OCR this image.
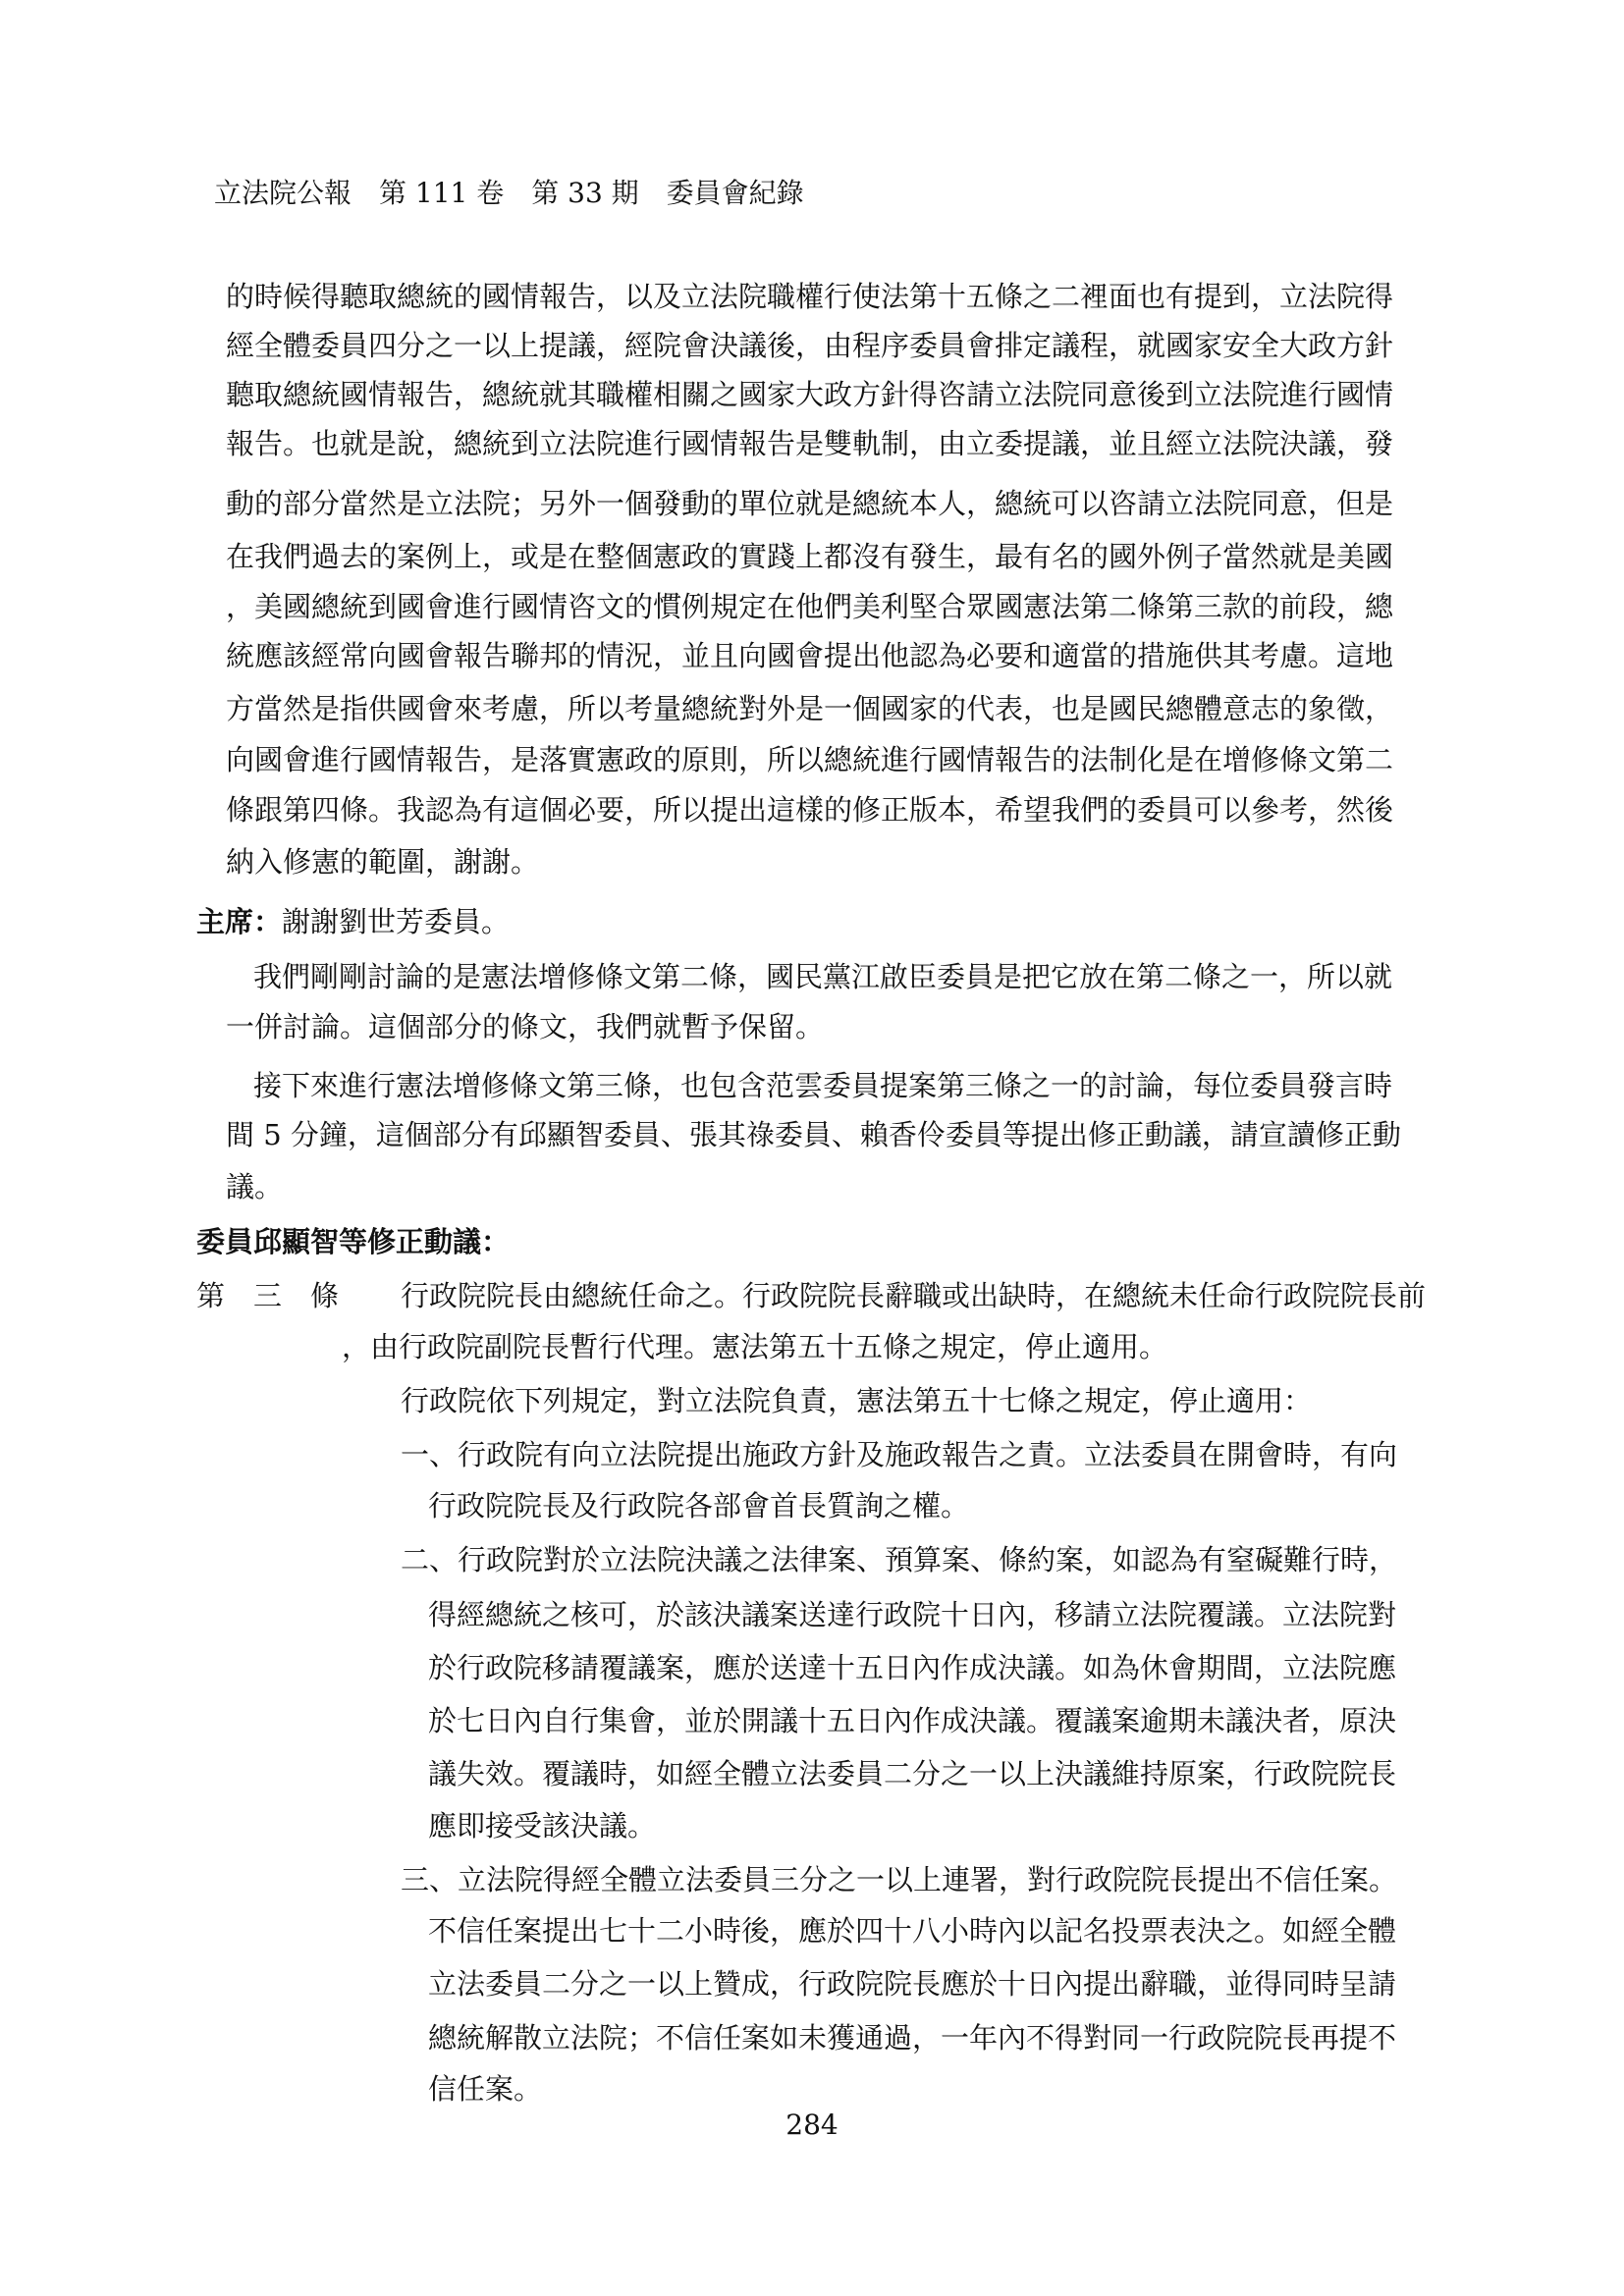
立法院公報　第 111 卷　第 33 期　委員會紀錄
的時候得聽取總統的國情報告，以及立法院職權行使法第十五條之二裡面也有提到，立法院得
經全體委員四分之一以上提議，經院會決議後，由程序委員會排定議程，就國家安全大政方針
聽取總統國情報告，總統就其職權相關之國家大政方針得咨請立法院同意後到立法院進行國情
報告。也就是說，總統到立法院進行國情報告是雙軌制，由立委提議，並且經立法院決議，發
動的部分當然是立法院；另外一個發動的單位就是總統本人，總統可以咨請立法院同意，但是
在我們過去的案例上，或是在整個憲政的實踐上都沒有發生，最有名的國外例子當然就是美國
，美國總統到國會進行國情咨文的慣例規定在他們美利堅合眾國憲法第二條第三款的前段，總
統應該經常向國會報告聯邦的情況，並且向國會提出他認為必要和適當的措施供其考慮。這地
方當然是指供國會來考慮，所以考量總統對外是一個國家的代表，也是國民總體意志的象徵，
向國會進行國情報告，是落實憲政的原則，所以總統進行國情報告的法制化是在增修條文第二
條跟第四條。我認為有這個必要，所以提出這樣的修正版本，希望我們的委員可以參考，然後
納入修憲的範圍，謝謝。
主席：謝謝劉世芳委員。
我們剛剛討論的是憲法增修條文第二條，國民黨江啟臣委員是把它放在第二條之一，所以就
一併討論。這個部分的條文，我們就暫予保留。
接下來進行憲法增修條文第三條，也包含范雲委員提案第三條之一的討論，每位委員發言時
間 5 分鐘，這個部分有邱顯智委員、張其祿委員、賴香伶委員等提出修正動議，請宣讀修正動
議。
委員邱顯智等修正動議：
第　三　條 行政院院長由總統任命之。行政院院長辭職或出缺時，在總統未任命行政院院長前
，由行政院副院長暫行代理。憲法第五十五條之規定，停止適用。
行政院依下列規定，對立法院負責，憲法第五十七條之規定，停止適用：
一、行政院有向立法院提出施政方針及施政報告之責。立法委員在開會時，有向
行政院院長及行政院各部會首長質詢之權。
二、行政院對於立法院決議之法律案、預算案、條約案，如認為有窒礙難行時，
得經總統之核可，於該決議案送達行政院十日內，移請立法院覆議。立法院對
於行政院移請覆議案，應於送達十五日內作成決議。如為休會期間，立法院應
於七日內自行集會，並於開議十五日內作成決議。覆議案逾期未議決者，原決
議失效。覆議時，如經全體立法委員二分之一以上決議維持原案，行政院院長
應即接受該決議。
三、立法院得經全體立法委員三分之一以上連署，對行政院院長提出不信任案。
不信任案提出七十二小時後，應於四十八小時內以記名投票表決之。如經全體
立法委員二分之一以上贊成，行政院院長應於十日內提出辭職，並得同時呈請
總統解散立法院；不信任案如未獲通過，一年內不得對同一行政院院長再提不
信任案。
284
